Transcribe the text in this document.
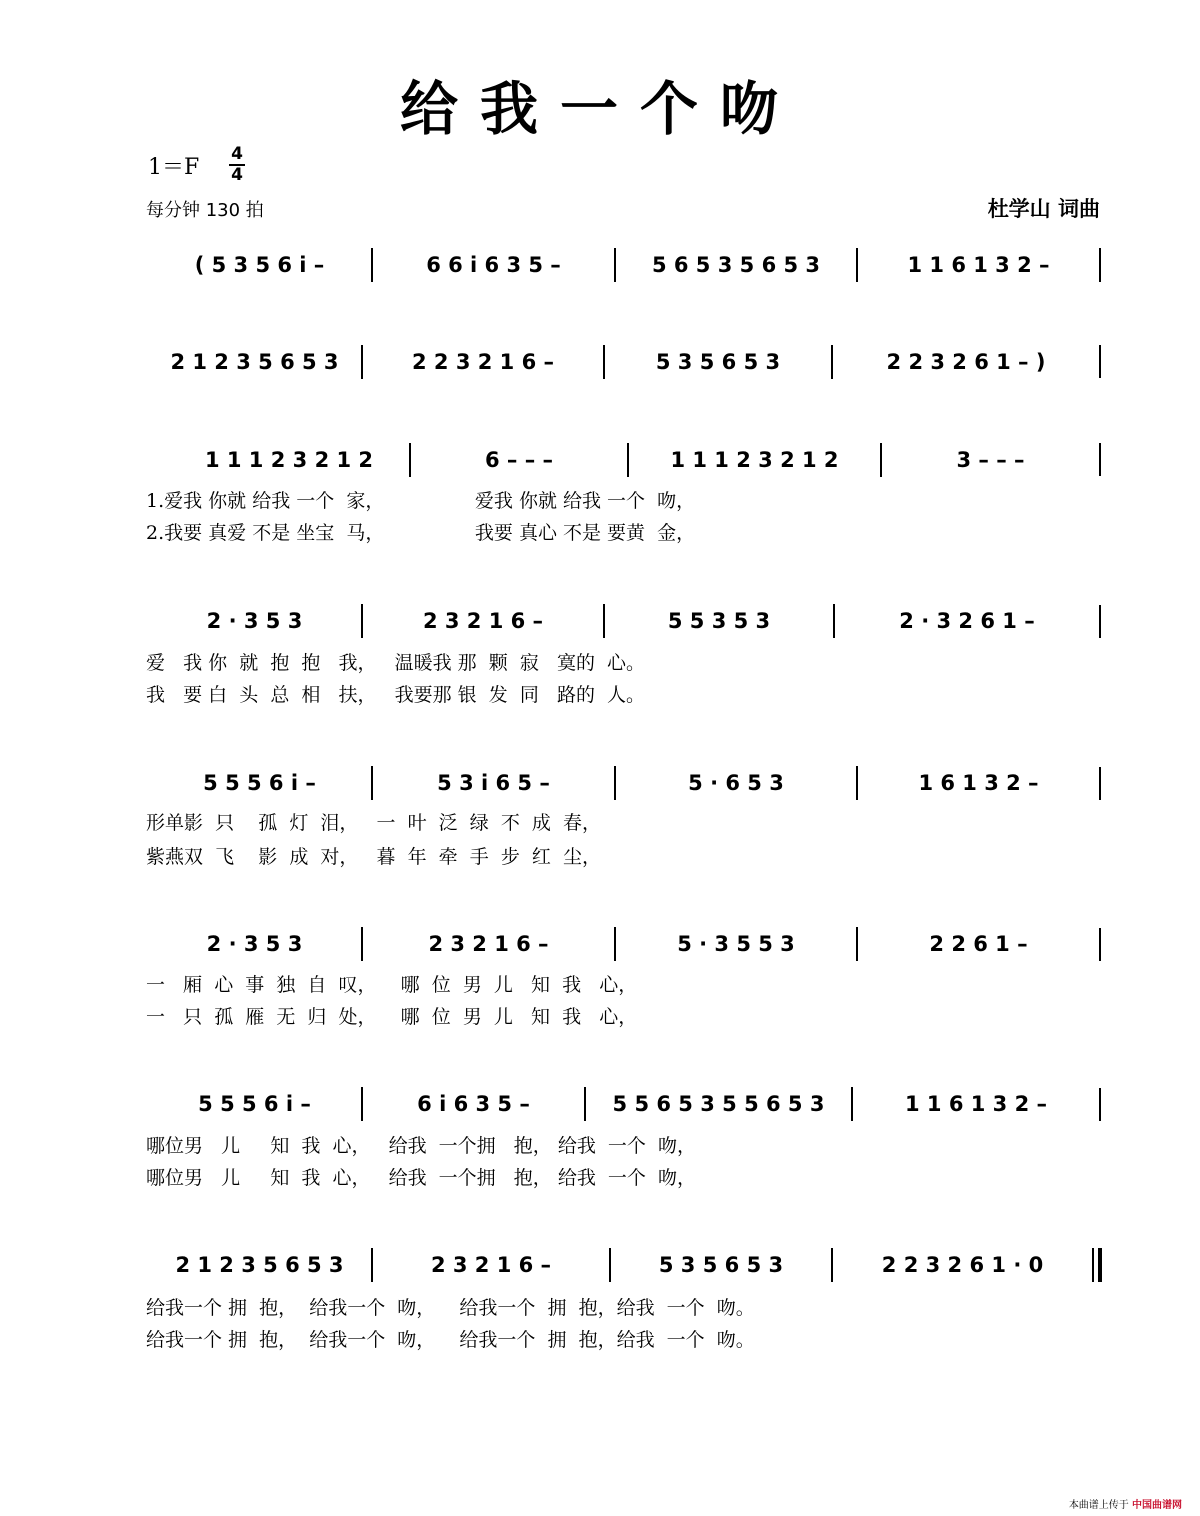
给我一个吻
1＝F
4
4
每分钟 130 拍	杜学山 词曲
( 5 3 5 6 i –	6 6 i 6 3 5 –	5 6 5 3 5 6 5 3	1 1 6 1 3 2 –
2 1 2 3 5 6 5 3	2 2 3 2 1 6 –	5 3 5 6 5 3	2 2 3 2 6 1 – )
1 1 1 2 3 2 1 2	6 – – –	1 1 1 2 3 2 1 2	3 – – –
2 · 3 5 3	2 3 2 1 6 –	5 5 3 5 3	2 · 3 2 6 1 –
5 5 5 6 i –	5 3 i 6 5 –	5 · 6 5 3	1 6 1 3 2 –
2 · 3 5 3	2 3 2 1 6 –	5 · 3 5 5 3	2 2 6 1 –
5 5 5 6 i –	6 i 6 3 5 –	5 5 6 5 3 5 5 6 5 3	1 1 6 1 3 2 –
2 1 2 3 5 6 5 3	2 3 2 1 6 –	5 3 5 6 5 3	2 2 3 2 6 1 · 0
1.爱我 你就 给我 一个  家，               爱我 你就 给我 一个  吻，
2.我要 真爱 不是 坐宝  马，               我要 真心 不是 要黄  金，
爱   我 你  就  抱  抱   我，   温暖我 那  颗  寂   寞的  心。
我   要 白  头  总  相   扶，   我要那 银  发  同   路的  人。
形单影  只    孤  灯  泪，   一  叶  泛  绿  不  成  春，
紫燕双  飞    影  成  对，   暮  年  牵  手  步  红  尘，
一   厢  心  事  独  自  叹，    哪  位  男  儿   知  我   心，
一   只  孤  雁  无  归  处，    哪  位  男  儿   知  我   心，
哪位男   儿     知  我  心，   给我  一个拥   抱， 给我  一个  吻，
哪位男   儿     知  我  心，   给我  一个拥   抱， 给我  一个  吻，
给我一个 拥  抱，  给我一个  吻，    给我一个  拥  抱，给我  一个  吻。
给我一个 拥  抱，  给我一个  吻，    给我一个  拥  抱，给我  一个  吻。
本曲谱上传于 中国曲谱网
